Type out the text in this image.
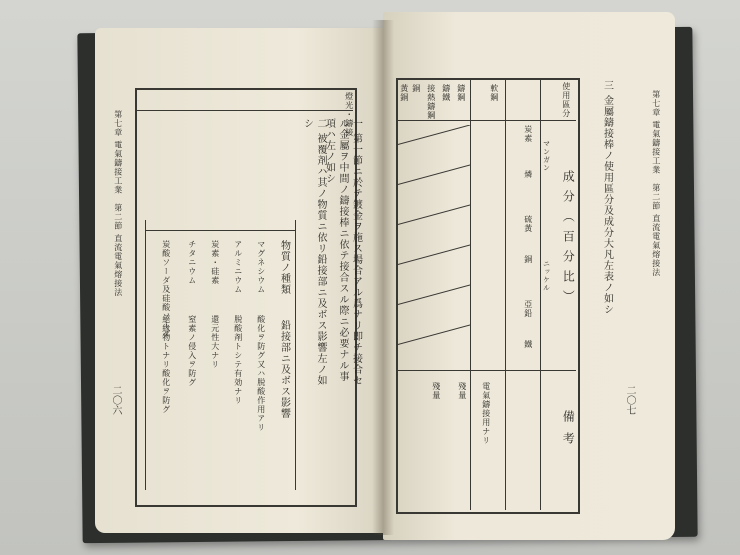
第七章 電氣鑄接工業　第二節 直流電氣熔接法
二〇六
燈光・鑄接
一 第一節ニ於テ鍍金ヲ施ス場合アル爲ナリ即チ接合セル金屬ヲ中間ノ鑄接棒ニ依テ接合スル際ニ必要ナル事項ハ左ノ如シ
二 被覆剤ハ其ノ物質ニ依リ鉛接部ニ及ボス影響左ノ如シ
物質ノ種類
鉛接部ニ及ボス影響
マグネシウム
酸化ヲ防グ又ハ脱酸作用アリ
アルミニウム
脱酸剤トシテ有効ナリ
炭素・硅素
還元性大ナリ
チタニウム
窒素ノ侵入ヲ防グ
炭酸ソーダ及硅酸ソーダ
絕緣物トナリ酸化ヲ防グ
第七章 電氣鑄接工業　第二節 直流電氣熔接法
二〇七
三 金屬鑄接棒ノ使用區分及成分大凡左表ノ如シ
使用區分
成分（百分比）
備考
炭素
燐
硫黃
銅
亞鉛
鐵
マンガン
ニッケル
軟鋼
鑄鋼
鑄鐵
接熱鑄鋼
銅
黃銅
電氣鑄接用ナリ
殘量
殘量
